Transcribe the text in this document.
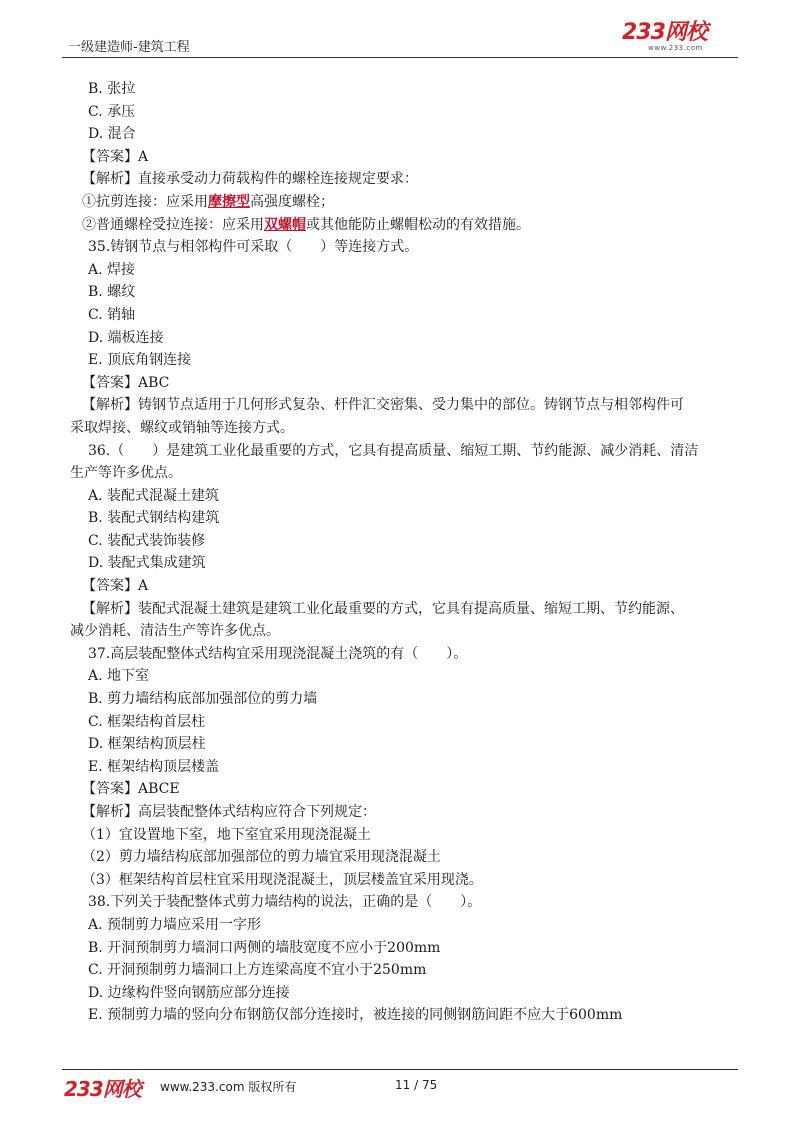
一级建造师-建筑工程
233网校
www.233.com
B. 张拉
C. 承压
D. 混合
【答案】A
【解析】直接承受动力荷载构件的螺栓连接规定要求：
①抗剪连接：应采用摩擦型高强度螺栓；
②普通螺栓受拉连接：应采用双螺帽或其他能防止螺帽松动的有效措施。
35.铸钢节点与相邻构件可采取（　　）等连接方式。
A. 焊接
B. 螺纹
C. 销轴
D. 端板连接
E. 顶底角钢连接
【答案】ABC
【解析】铸钢节点适用于几何形式复杂、杆件汇交密集、受力集中的部位。铸钢节点与相邻构件可
采取焊接、螺纹或销轴等连接方式。
36.（　　）是建筑工业化最重要的方式，它具有提高质量、缩短工期、节约能源、减少消耗、清洁
生产等许多优点。
A. 装配式混凝土建筑
B. 装配式钢结构建筑
C. 装配式装饰装修
D. 装配式集成建筑
【答案】A
【解析】装配式混凝土建筑是建筑工业化最重要的方式，它具有提高质量、缩短工期、节约能源、
减少消耗、清洁生产等许多优点。
37.高层装配整体式结构宜采用现浇混凝土浇筑的有（　　）。
A. 地下室
B. 剪力墙结构底部加强部位的剪力墙
C. 框架结构首层柱
D. 框架结构顶层柱
E. 框架结构顶层楼盖
【答案】ABCE
【解析】高层装配整体式结构应符合下列规定：
（1）宜设置地下室，地下室宜采用现浇混凝土
（2）剪力墙结构底部加强部位的剪力墙宜采用现浇混凝土
（3）框架结构首层柱宜采用现浇混凝土，顶层楼盖宜采用现浇。
38.下列关于装配整体式剪力墙结构的说法，正确的是（　　）。
A. 预制剪力墙应采用一字形
B. 开洞预制剪力墙洞口两侧的墙肢宽度不应小于200mm
C. 开洞预制剪力墙洞口上方连梁高度不宜小于250mm
D. 边缘构件竖向钢筋应部分连接
E. 预制剪力墙的竖向分布钢筋仅部分连接时，被连接的同侧钢筋间距不应大于600mm
233网校 www.233.com 版权所有	11 / 75
